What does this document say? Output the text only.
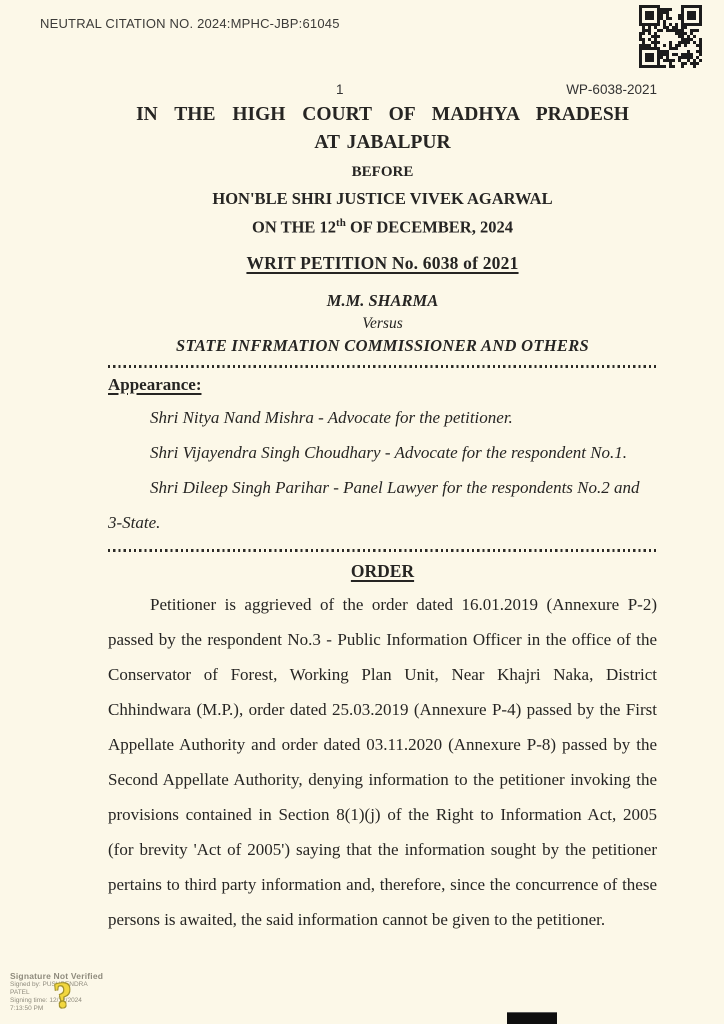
NEUTRAL CITATION NO. 2024:MPHC-JBP:61045
1	WP-6038-2021
IN THE HIGH COURT OF MADHYA PRADESH
AT JABALPUR
BEFORE
HON'BLE SHRI JUSTICE VIVEK AGARWAL
ON THE 12th OF DECEMBER, 2024
WRIT PETITION No. 6038 of 2021
M.M. SHARMA
Versus
STATE INFRMATION COMMISSIONER AND OTHERS
Appearance:

Shri Nitya Nand Mishra - Advocate for the petitioner.

Shri Vijayendra Singh Choudhary - Advocate for the respondent No.1.

Shri Dileep Singh Parihar - Panel Lawyer for the respondents No.2 and 3-State.

ORDER

Petitioner is aggrieved of the order dated 16.01.2019 (Annexure P-2) passed by the respondent No.3 - Public Information Officer in the office of the Conservator of Forest, Working Plan Unit, Near Khajri Naka, District Chhindwara (M.P.), order dated 25.03.2019 (Annexure P-4) passed by the First Appellate Authority and order dated 03.11.2020 (Annexure P-8) passed by the Second Appellate Authority, denying information to the petitioner invoking the provisions contained in Section 8(1)(j) of the Right to Information Act, 2005 (for brevity 'Act of 2005') saying that the information sought by the petitioner pertains to third party information and, therefore, since the concurrence of these persons is awaited, the said information cannot be given to the petitioner.

Signature Not Verified
Signed by: PUSHPENDRA
PATEL
Signing time: 12/12/2024
7:13:50 PM ?
